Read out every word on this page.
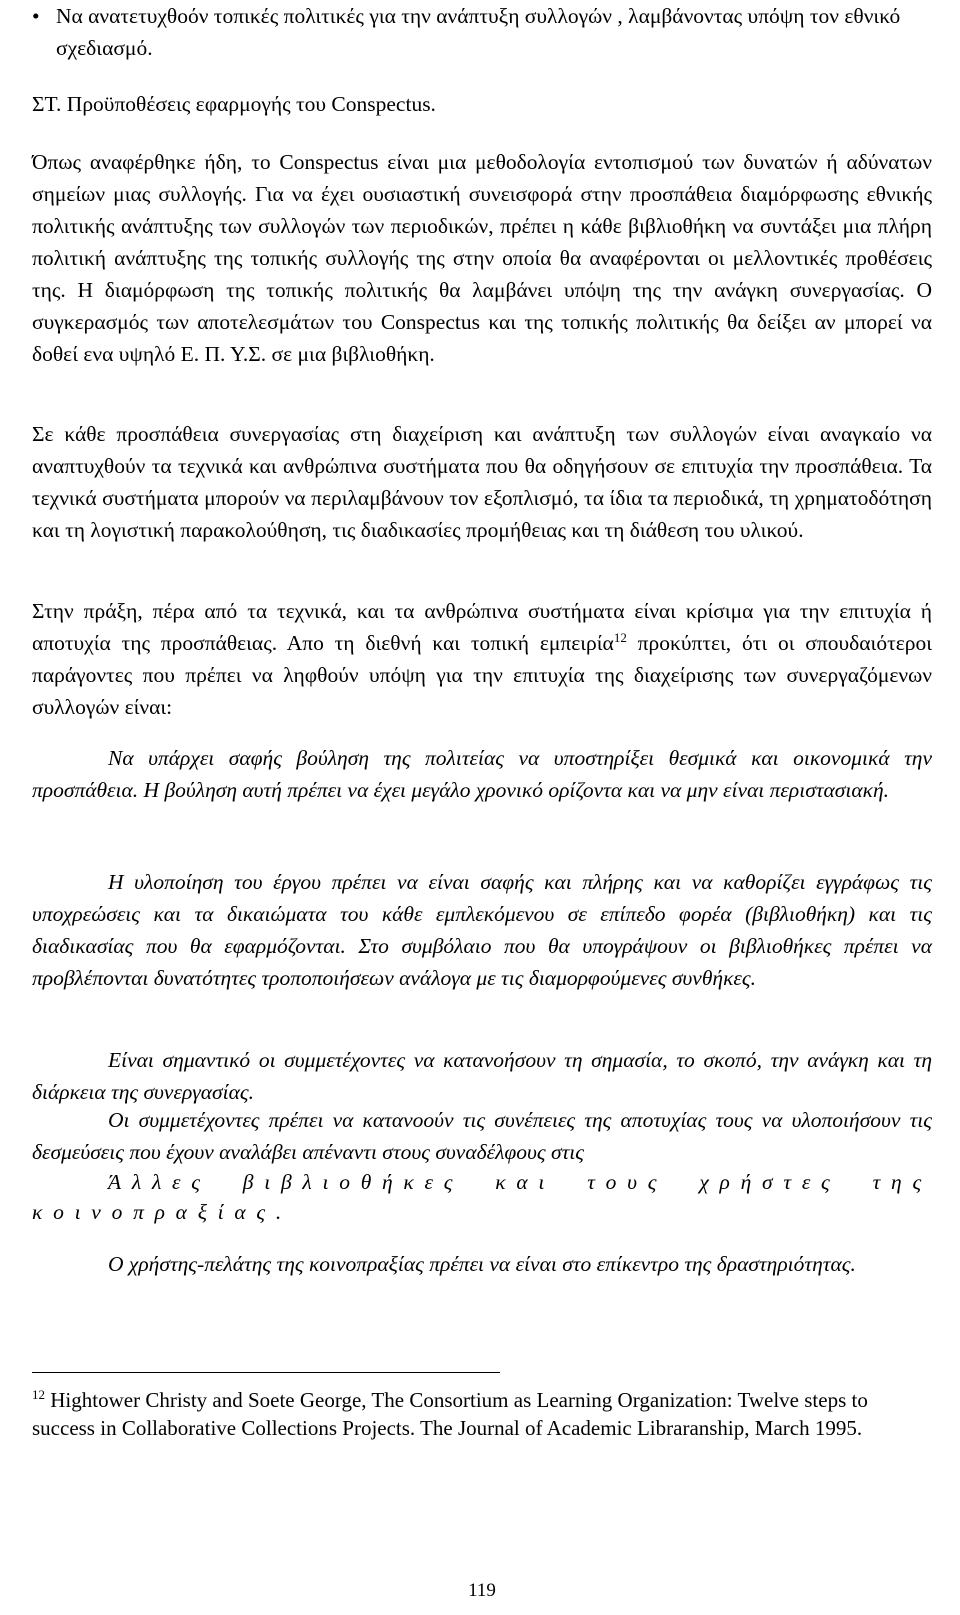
• Να ανατετυχθοόν τοπικές πολιτικές για την ανάπτυξη συλλογών , λαμβάνοντας υπόψη τον εθνικό σχεδιασμό.

ΣΤ. Προϋποθέσεις εφαρμογής του Conspectus.

Όπως αναφέρθηκε ήδη, το Conspectus είναι μια μεθοδολογία εντοπισμού των δυνατών ή αδύνατων σημείων μιας συλλογής. Για να έχει ουσιαστική συνεισφορά στην προσπάθεια διαμόρφωσης εθνικής πολιτικής ανάπτυξης των συλλογών των περιοδικών, πρέπει η κάθε βιβλιοθήκη να συντάξει μια πλήρη πολιτική ανάπτυξης της τοπικής συλλογής της στην οποία θα αναφέρονται οι μελλοντικές προθέσεις της. Η διαμόρφωση της τοπικής πολιτικής θα λαμβάνει υπόψη της την ανάγκη συνεργασίας. Ο συγκερασμός των αποτελεσμάτων του Conspectus και της τοπικής πολιτικής θα δείξει αν μπορεί να δοθεί ενα υψηλό Ε. Π. Υ.Σ. σε μια βιβλιοθήκη.

Σε κάθε προσπάθεια συνεργασίας στη διαχείριση και ανάπτυξη των συλλογών είναι αναγκαίο να αναπτυχθούν τα τεχνικά και ανθρώπινα συστήματα που θα οδηγήσουν σε επιτυχία την προσπάθεια. Τα τεχνικά συστήματα μπορούν να περιλαμβάνουν τον εξοπλισμό, τα ίδια τα περιοδικά, τη χρηματοδότηση και τη λογιστική παρακολούθηση, τις διαδικασίες προμήθειας και τη διάθεση του υλικού.

Στην πράξη, πέρα από τα τεχνικά, και τα ανθρώπινα συστήματα είναι κρίσιμα για την επιτυχία ή αποτυχία της προσπάθειας. Απο τη διεθνή και τοπική εμπειρία$^{12}$ προκύπτει, ότι οι σπουδαιότεροι παράγοντες που πρέπει να ληφθούν υπόψη για την επιτυχία της διαχείρισης των συνεργαζόμενων συλλογών είναι:

Να υπάρχει σαφής βούληση της πολιτείας να υποστηρίξει θεσμικά και οικονομικά την προσπάθεια. Η βούληση αυτή πρέπει να έχει μεγάλο χρονικό ορίζοντα και να μην είναι περιστασιακή.

Η υλοποίηση του έργου πρέπει να είναι σαφής και πλήρης και να καθορίζει εγγράφως τις υποχρεώσεις και τα δικαιώματα του κάθε εμπλεκόμενου σε επίπεδο φορέα (βιβλιοθήκη) και τις διαδικασίας που θα εφαρμόζονται. Στο συμβόλαιο που θα υπογράψουν οι βιβλιοθήκες πρέπει να προβλέπονται δυνατότητες τροποποιήσεων ανάλογα με τις διαμορφούμενες συνθήκες.

Είναι σημαντικό οι συμμετέχοντες να κατανοήσουν τη σημασία, το σκοπό, την ανάγκη και τη διάρκεια της συνεργασίας.

Οι συμμετέχοντες πρέπει να κατανοούν τις συνέπειες της αποτυχίας τους να υλοποιήσουν τις δεσμεύσεις που έχουν αναλάβει απέναντι στους συναδέλφους στις

Άλλες βιβλιοθήκες και τους χρήστες της

κοινοπραξίας.

Ο χρήστης-πελάτης της κοινοπραξίας πρέπει να είναι στο επίκεντρο της δραστηριότητας.

$^{12}$ Hightower Christy and Soete George, The Consortium as Learning Organization: Twelve steps to success in Collaborative Collections Projects. The Journal of Academic Libraranship, March 1995.

119
